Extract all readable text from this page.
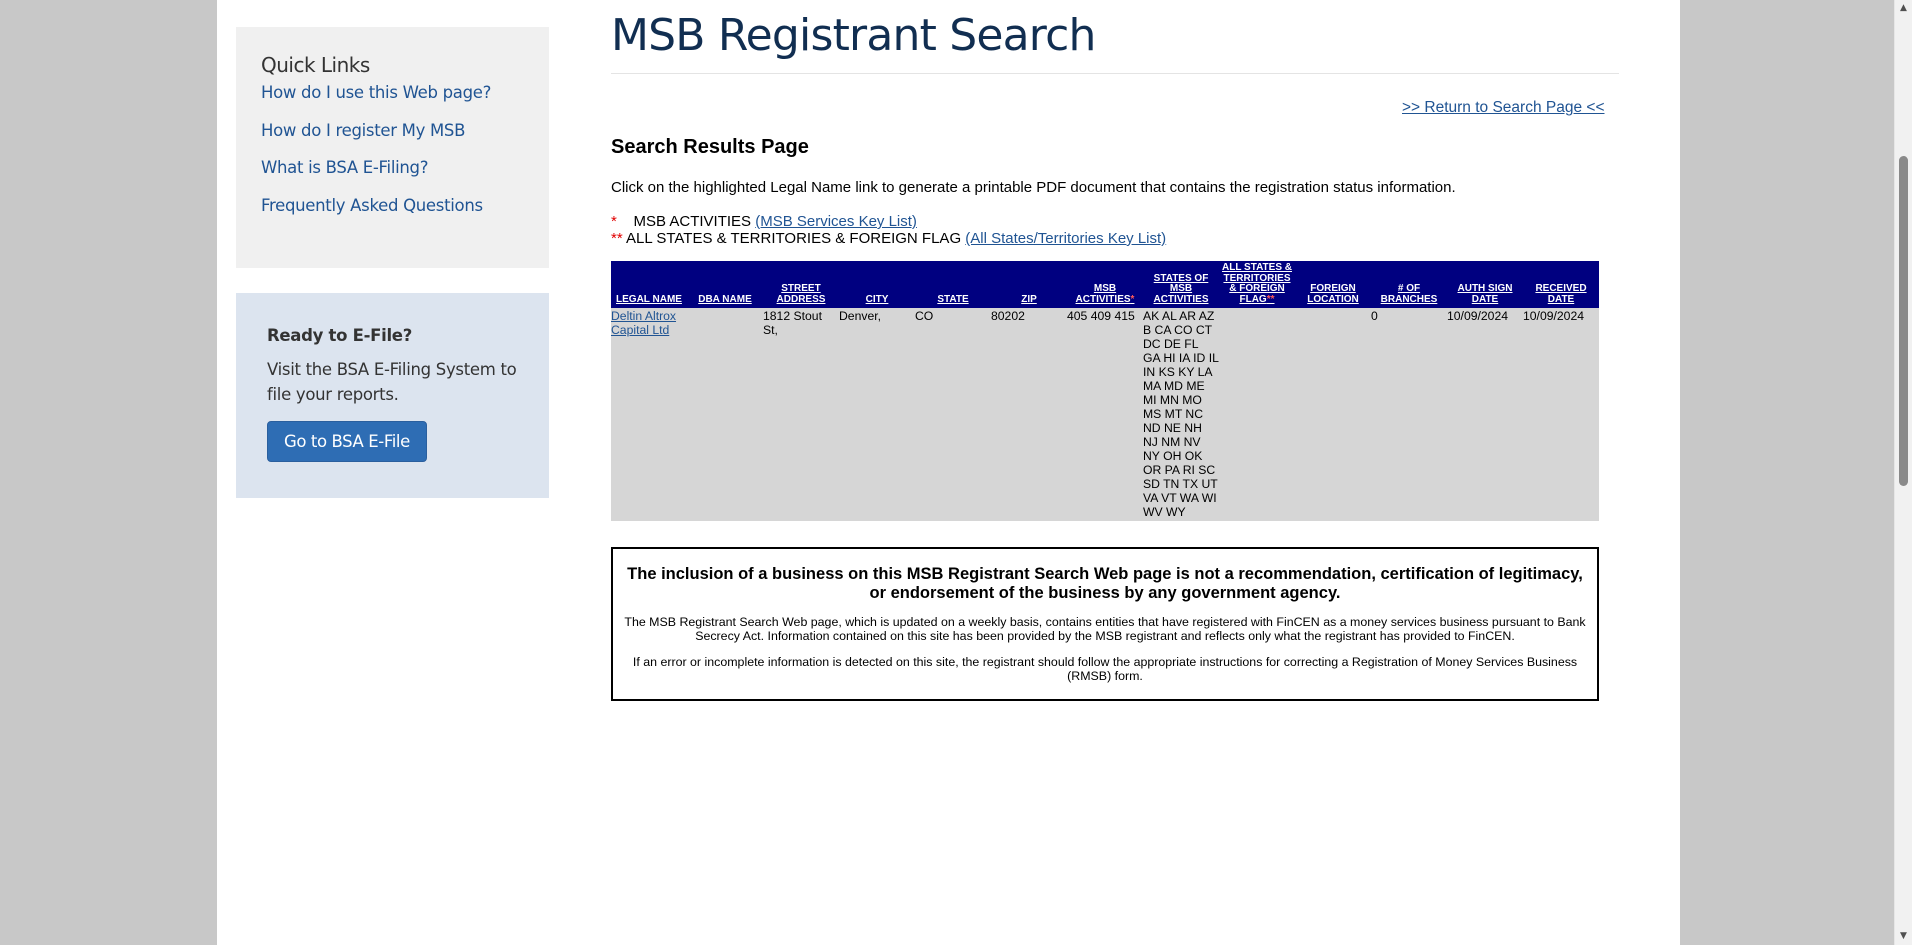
Quick Links
How do I use this Web page?
How do I register My MSB
What is BSA E-Filing?
Frequently Asked Questions
Ready to E-File?

Visit the BSA E-Filing System to file your reports.

Go to BSA E-File
MSB Registrant Search
>> Return to Search Page <<
Search Results Page
Click on the highlighted Legal Name link to generate a printable PDF document that contains the registration status information.
* MSB ACTIVITIES (MSB Services Key List)
** ALL STATES & TERRITORIES & FOREIGN FLAG (All States/Territories Key List)
LEGAL NAME	DBA NAME	STREET ADDRESS	CITY	STATE	ZIP	MSB ACTIVITIES*	STATES OF MSB ACTIVITIES	ALL STATES & TERRITORIES & FOREIGN FLAG**	FOREIGN LOCATION	# OF BRANCHES	AUTH SIGN DATE	RECEIVED DATE
Deltin Altrox Capital Ltd		1812 Stout St,	Denver,	CO	80202	405 409 415	AK AL AR AZ B CA CO CT DC DE FL GA HI IA ID IL IN KS KY LA MA MD ME MI MN MO MS MT NC ND NE NH NJ NM NV NY OH OK OR PA RI SC SD TN TX UT VA VT WA WI WV WY			0	10/09/2024	10/09/2024
The inclusion of a business on this MSB Registrant Search Web page is not a recommendation, certification of legitimacy, or endorsement of the business by any government agency.
The MSB Registrant Search Web page, which is updated on a weekly basis, contains entities that have registered with FinCEN as a money services business pursuant to Bank Secrecy Act. Information contained on this site has been provided by the MSB registrant and reflects only what the registrant has provided to FinCEN.
If an error or incomplete information is detected on this site, the registrant should follow the appropriate instructions for correcting a Registration of Money Services Business (RMSB) form.
▲
▼
